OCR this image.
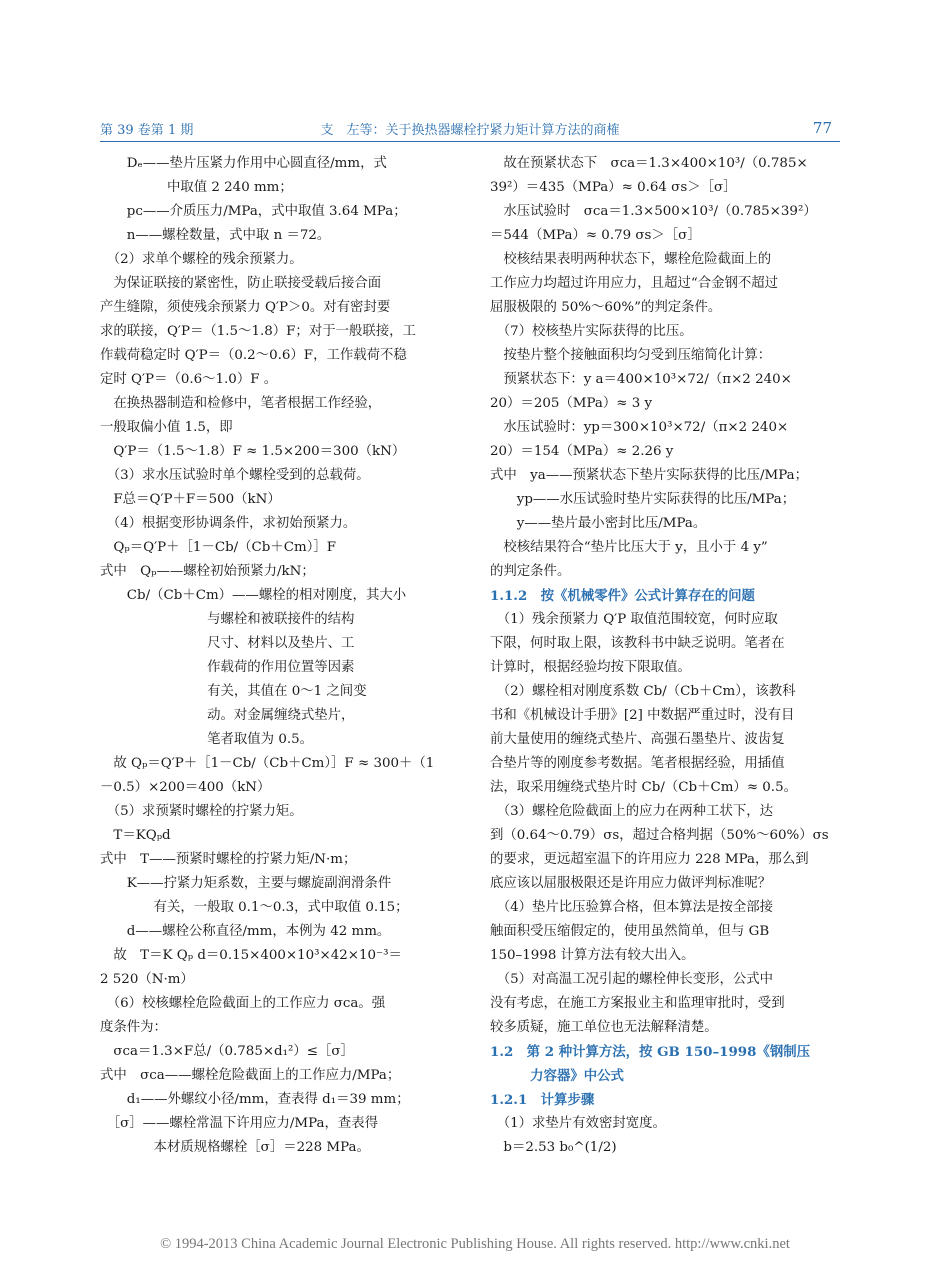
第 39 卷第 1 期	支　左等：关于换热器螺栓拧紧力矩计算方法的商榷	77
　　Dₑ——垫片压紧力作用中心圆直径/mm，式
　　　　　中取值 2 240 mm；
　　pᴄ——介质压力/MPa，式中取值 3.64 MPa；
　　n——螺栓数量，式中取 n ＝72。
　（2）求单个螺栓的残余预紧力。
　为保证联接的紧密性，防止联接受载后接合面
产生缝隙，须使残余预紧力 Q′P＞0。对有密封要
求的联接，Q′P＝（1.5～1.8）F；对于一般联接，工
作载荷稳定时 Q′P＝（0.2～0.6）F，工作载荷不稳
定时 Q′P＝（0.6～1.0）F 。
　在换热器制造和检修中，笔者根据工作经验，
一般取偏小值 1.5，即
　Q′P＝（1.5～1.8）F ≈ 1.5×200＝300（kN）
　（3）求水压试验时单个螺栓受到的总载荷。
　F总＝Q′P＋F＝500（kN）
　（4）根据变形协调条件，求初始预紧力。
　Qₚ＝Q′P＋［1－Cb/（Cb＋Cm）］F
式中　Qₚ——螺栓初始预紧力/kN；
　　Cb/（Cb＋Cm）——螺栓的相对刚度，其大小
　　　　　　　　与螺栓和被联接件的结构
　　　　　　　　尺寸、材料以及垫片、工
　　　　　　　　作载荷的作用位置等因素
　　　　　　　　有关，其值在 0～1 之间变
　　　　　　　　动。对金属缠绕式垫片，
　　　　　　　　笔者取值为 0.5。
　故 Qₚ＝Q′P＋［1－Cb/（Cb＋Cm）］F ≈ 300＋（1
－0.5）×200＝400（kN）
　（5）求预紧时螺栓的拧紧力矩。
　T＝KQₚd
式中　T——预紧时螺栓的拧紧力矩/N·m；
　　K——拧紧力矩系数，主要与螺旋副润滑条件
　　　　有关，一般取 0.1～0.3，式中取值 0.15；
　　d——螺栓公称直径/mm，本例为 42 mm。
　故　T＝K Qₚ d＝0.15×400×10³×42×10⁻³＝
2 520（N·m）
　（6）校核螺栓危险截面上的工作应力 σca。强
度条件为：
　σca＝1.3×F总/（0.785×d₁²）≤［σ］
式中　σca——螺栓危险截面上的工作应力/MPa；
　　d₁——外螺纹小径/mm，查表得 d₁＝39 mm；
　［σ］——螺栓常温下许用应力/MPa，查表得
　　　　本材质规格螺栓［σ］＝228 MPa。
　故在预紧状态下　σca＝1.3×400×10³/（0.785×
39²）＝435（MPa）≈ 0.64 σs＞［σ］
　水压试验时　σca＝1.3×500×10³/（0.785×39²）
＝544（MPa）≈ 0.79 σs＞［σ］
　校核结果表明两种状态下，螺栓危险截面上的
工作应力均超过许用应力，且超过“合金钢不超过
屈服极限的 50%～60%”的判定条件。
　（7）校核垫片实际获得的比压。
　按垫片整个接触面积均匀受到压缩简化计算：
　预紧状态下：y a＝400×10³×72/（π×2 240×
20）＝205（MPa）≈ 3 y
　水压试验时：yp＝300×10³×72/（π×2 240×
20）＝154（MPa）≈ 2.26 y
式中　ya——预紧状态下垫片实际获得的比压/MPa；
　　yp——水压试验时垫片实际获得的比压/MPa；
　　y——垫片最小密封比压/MPa。
　校核结果符合“垫片比压大于 y，且小于 4 y”
的判定条件。
1.1.2　按《机械零件》公式计算存在的问题
　（1）残余预紧力 Q′P 取值范围较宽，何时应取
下限，何时取上限，该教科书中缺乏说明。笔者在
计算时，根据经验均按下限取值。
　（2）螺栓相对刚度系数 Cb/（Cb＋Cm），该教科
书和《机械设计手册》[2] 中数据严重过时，没有目
前大量使用的缠绕式垫片、高强石墨垫片、波齿复
合垫片等的刚度参考数据。笔者根据经验，用插值
法，取采用缠绕式垫片时 Cb/（Cb＋Cm）≈ 0.5。
　（3）螺栓危险截面上的应力在两种工状下，达
到（0.64～0.79）σs，超过合格判据（50%～60%）σs
的要求，更远超室温下的许用应力 228 MPa，那么到
底应该以屈服极限还是许用应力做评判标准呢？
　（4）垫片比压验算合格，但本算法是按全部接
触面积受压缩假定的，使用虽然简单，但与 GB
150–1998 计算方法有较大出入。
　（5）对高温工况引起的螺栓伸长变形，公式中
没有考虑，在施工方案报业主和监理审批时，受到
较多质疑，施工单位也无法解释清楚。
1.2　第 2 种计算方法，按 GB 150–1998《钢制压
　　　力容器》中公式
1.2.1　计算步骤
　（1）求垫片有效密封宽度。
　b＝2.53 b₀^(1/2)
© 1994-2013 China Academic Journal Electronic Publishing House. All rights reserved. http://www.cnki.net
